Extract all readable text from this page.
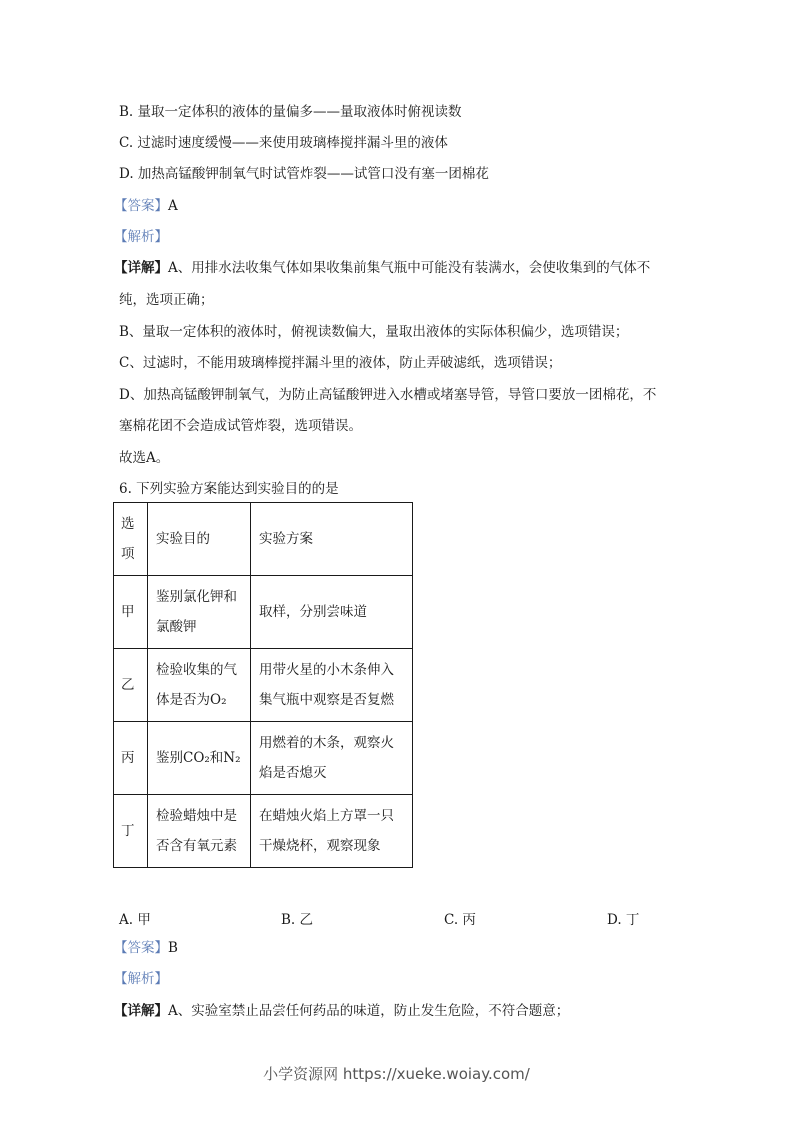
B. 量取一定体积的液体的量偏多——量取液体时俯视读数
C. 过滤时速度缓慢——来使用玻璃棒搅拌漏斗里的液体
D. 加热高锰酸钾制氧气时试管炸裂——试管口没有塞一团棉花
【答案】A
【解析】
【详解】A、用排水法收集气体如果收集前集气瓶中可能没有装满水，会使收集到的气体不
纯，选项正确；
B、量取一定体积的液体时，俯视读数偏大，量取出液体的实际体积偏少，选项错误；
C、过滤时，不能用玻璃棒搅拌漏斗里的液体，防止弄破滤纸，选项错误；
D、加热高锰酸钾制氧气，为防止高锰酸钾进入水槽或堵塞导管，导管口要放一团棉花，不
塞棉花团不会造成试管炸裂，选项错误。
故选A。
6. 下列实验方案能达到实验目的的是
选项	实验目的	实验方案
甲	鉴别氯化钾和氯酸钾	取样，分别尝味道
乙	检验收集的气体是否为O₂	用带火星的小木条伸入集气瓶中观察是否复燃
丙	鉴别CO₂和N₂	用燃着的木条，观察火焰是否熄灭
丁	检验蜡烛中是否含有氧元素	在蜡烛火焰上方罩一只干燥烧杯，观察现象
A. 甲	B. 乙	C. 丙	D. 丁
【答案】B
【解析】
【详解】A、实验室禁止品尝任何药品的味道，防止发生危险，不符合题意；
小学资源网 https://xueke.woiay.com/
